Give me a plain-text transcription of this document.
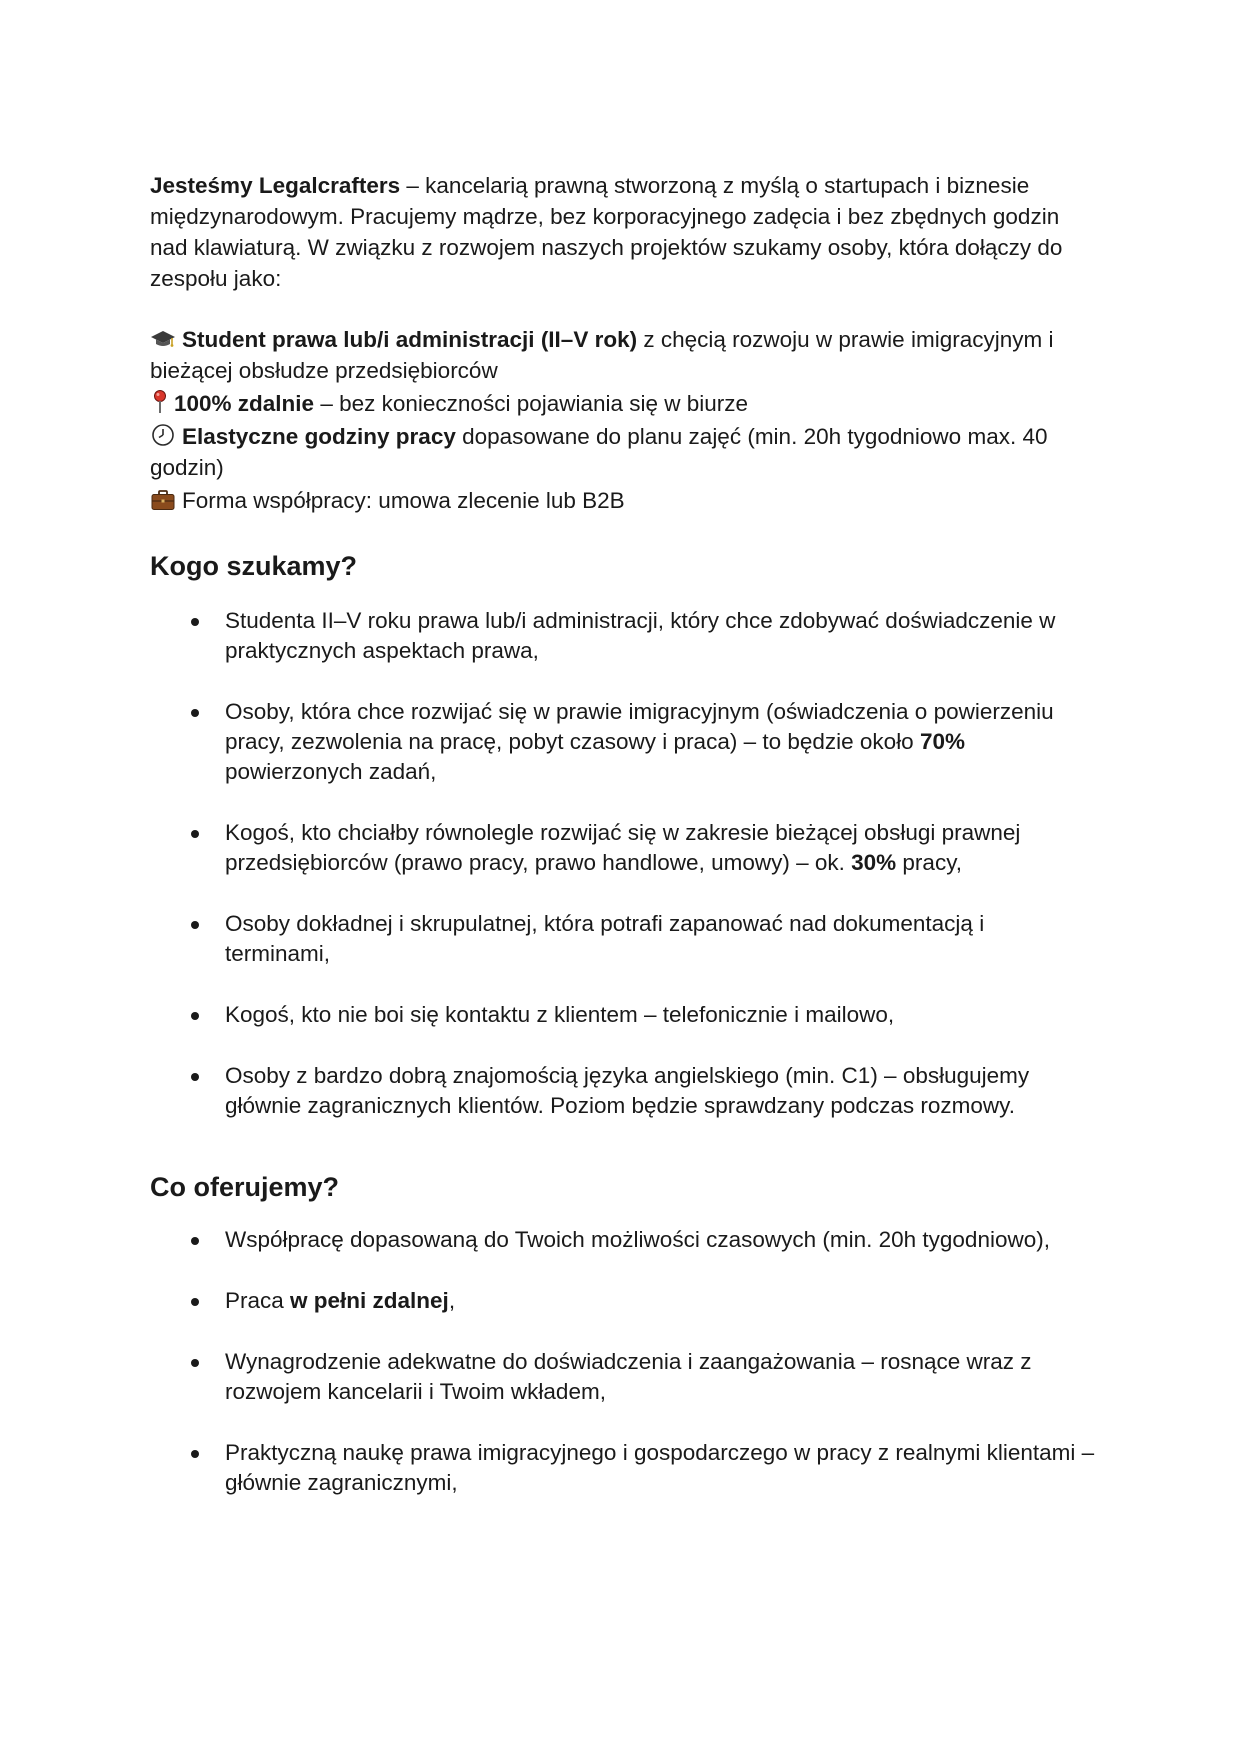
Jesteśmy Legalcrafters – kancelarią prawną stworzoną z myślą o startupach i biznesie międzynarodowym. Pracujemy mądrze, bez korporacyjnego zadęcia i bez zbędnych godzin nad klawiaturą. W związku z rozwojem naszych projektów szukamy osoby, która dołączy do zespołu jako:

Student prawa lub/i administracji (II–V rok) z chęcią rozwoju w prawie imigracyjnym i bieżącej obsłudze przedsiębiorców

100% zdalnie – bez konieczności pojawiania się w biurze

Elastyczne godziny pracy dopasowane do planu zajęć (min. 20h tygodniowo max. 40 godzin)

Forma współpracy: umowa zlecenie lub B2B

Kogo szukamy?
Studenta II–V roku prawa lub/i administracji, który chce zdobywać doświadczenie w praktycznych aspektach prawa,
Osoby, która chce rozwijać się w prawie imigracyjnym (oświadczenia o powierzeniu pracy, zezwolenia na pracę, pobyt czasowy i praca) – to będzie około 70% powierzonych zadań,
Kogoś, kto chciałby równolegle rozwijać się w zakresie bieżącej obsługi prawnej przedsiębiorców (prawo pracy, prawo handlowe, umowy) – ok. 30% pracy,
Osoby dokładnej i skrupulatnej, która potrafi zapanować nad dokumentacją i terminami,
Kogoś, kto nie boi się kontaktu z klientem – telefonicznie i mailowo,
Osoby z bardzo dobrą znajomością języka angielskiego (min. C1) – obsługujemy głównie zagranicznych klientów. Poziom będzie sprawdzany podczas rozmowy.
Co oferujemy?
Współpracę dopasowaną do Twoich możliwości czasowych (min. 20h tygodniowo),
Praca w pełni zdalnej,
Wynagrodzenie adekwatne do doświadczenia i zaangażowania – rosnące wraz z rozwojem kancelarii i Twoim wkładem,
Praktyczną naukę prawa imigracyjnego i gospodarczego w pracy z realnymi klientami – głównie zagranicznymi,
